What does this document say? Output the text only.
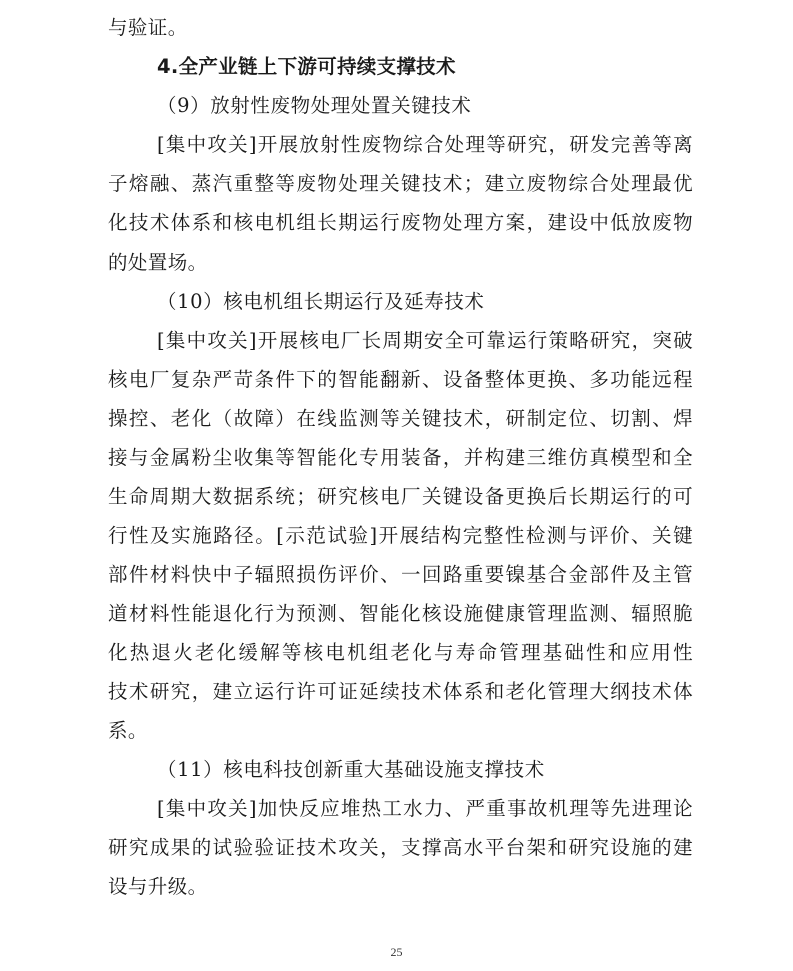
与验证。
4.全产业链上下游可持续支撑技术
（9）放射性废物处理处置关键技术
[集中攻关]开展放射性废物综合处理等研究，研发完善等离
子熔融、蒸汽重整等废物处理关键技术；建立废物综合处理最优
化技术体系和核电机组长期运行废物处理方案，建设中低放废物
的处置场。
（10）核电机组长期运行及延寿技术
[集中攻关]开展核电厂长周期安全可靠运行策略研究，突破
核电厂复杂严苛条件下的智能翻新、设备整体更换、多功能远程
操控、老化（故障）在线监测等关键技术，研制定位、切割、焊
接与金属粉尘收集等智能化专用装备，并构建三维仿真模型和全
生命周期大数据系统；研究核电厂关键设备更换后长期运行的可
行性及实施路径。[示范试验]开展结构完整性检测与评价、关键
部件材料快中子辐照损伤评价、一回路重要镍基合金部件及主管
道材料性能退化行为预测、智能化核设施健康管理监测、辐照脆
化热退火老化缓解等核电机组老化与寿命管理基础性和应用性
技术研究，建立运行许可证延续技术体系和老化管理大纲技术体
系。
（11）核电科技创新重大基础设施支撑技术
[集中攻关]加快反应堆热工水力、严重事故机理等先进理论
研究成果的试验验证技术攻关，支撑高水平台架和研究设施的建
设与升级。
25
